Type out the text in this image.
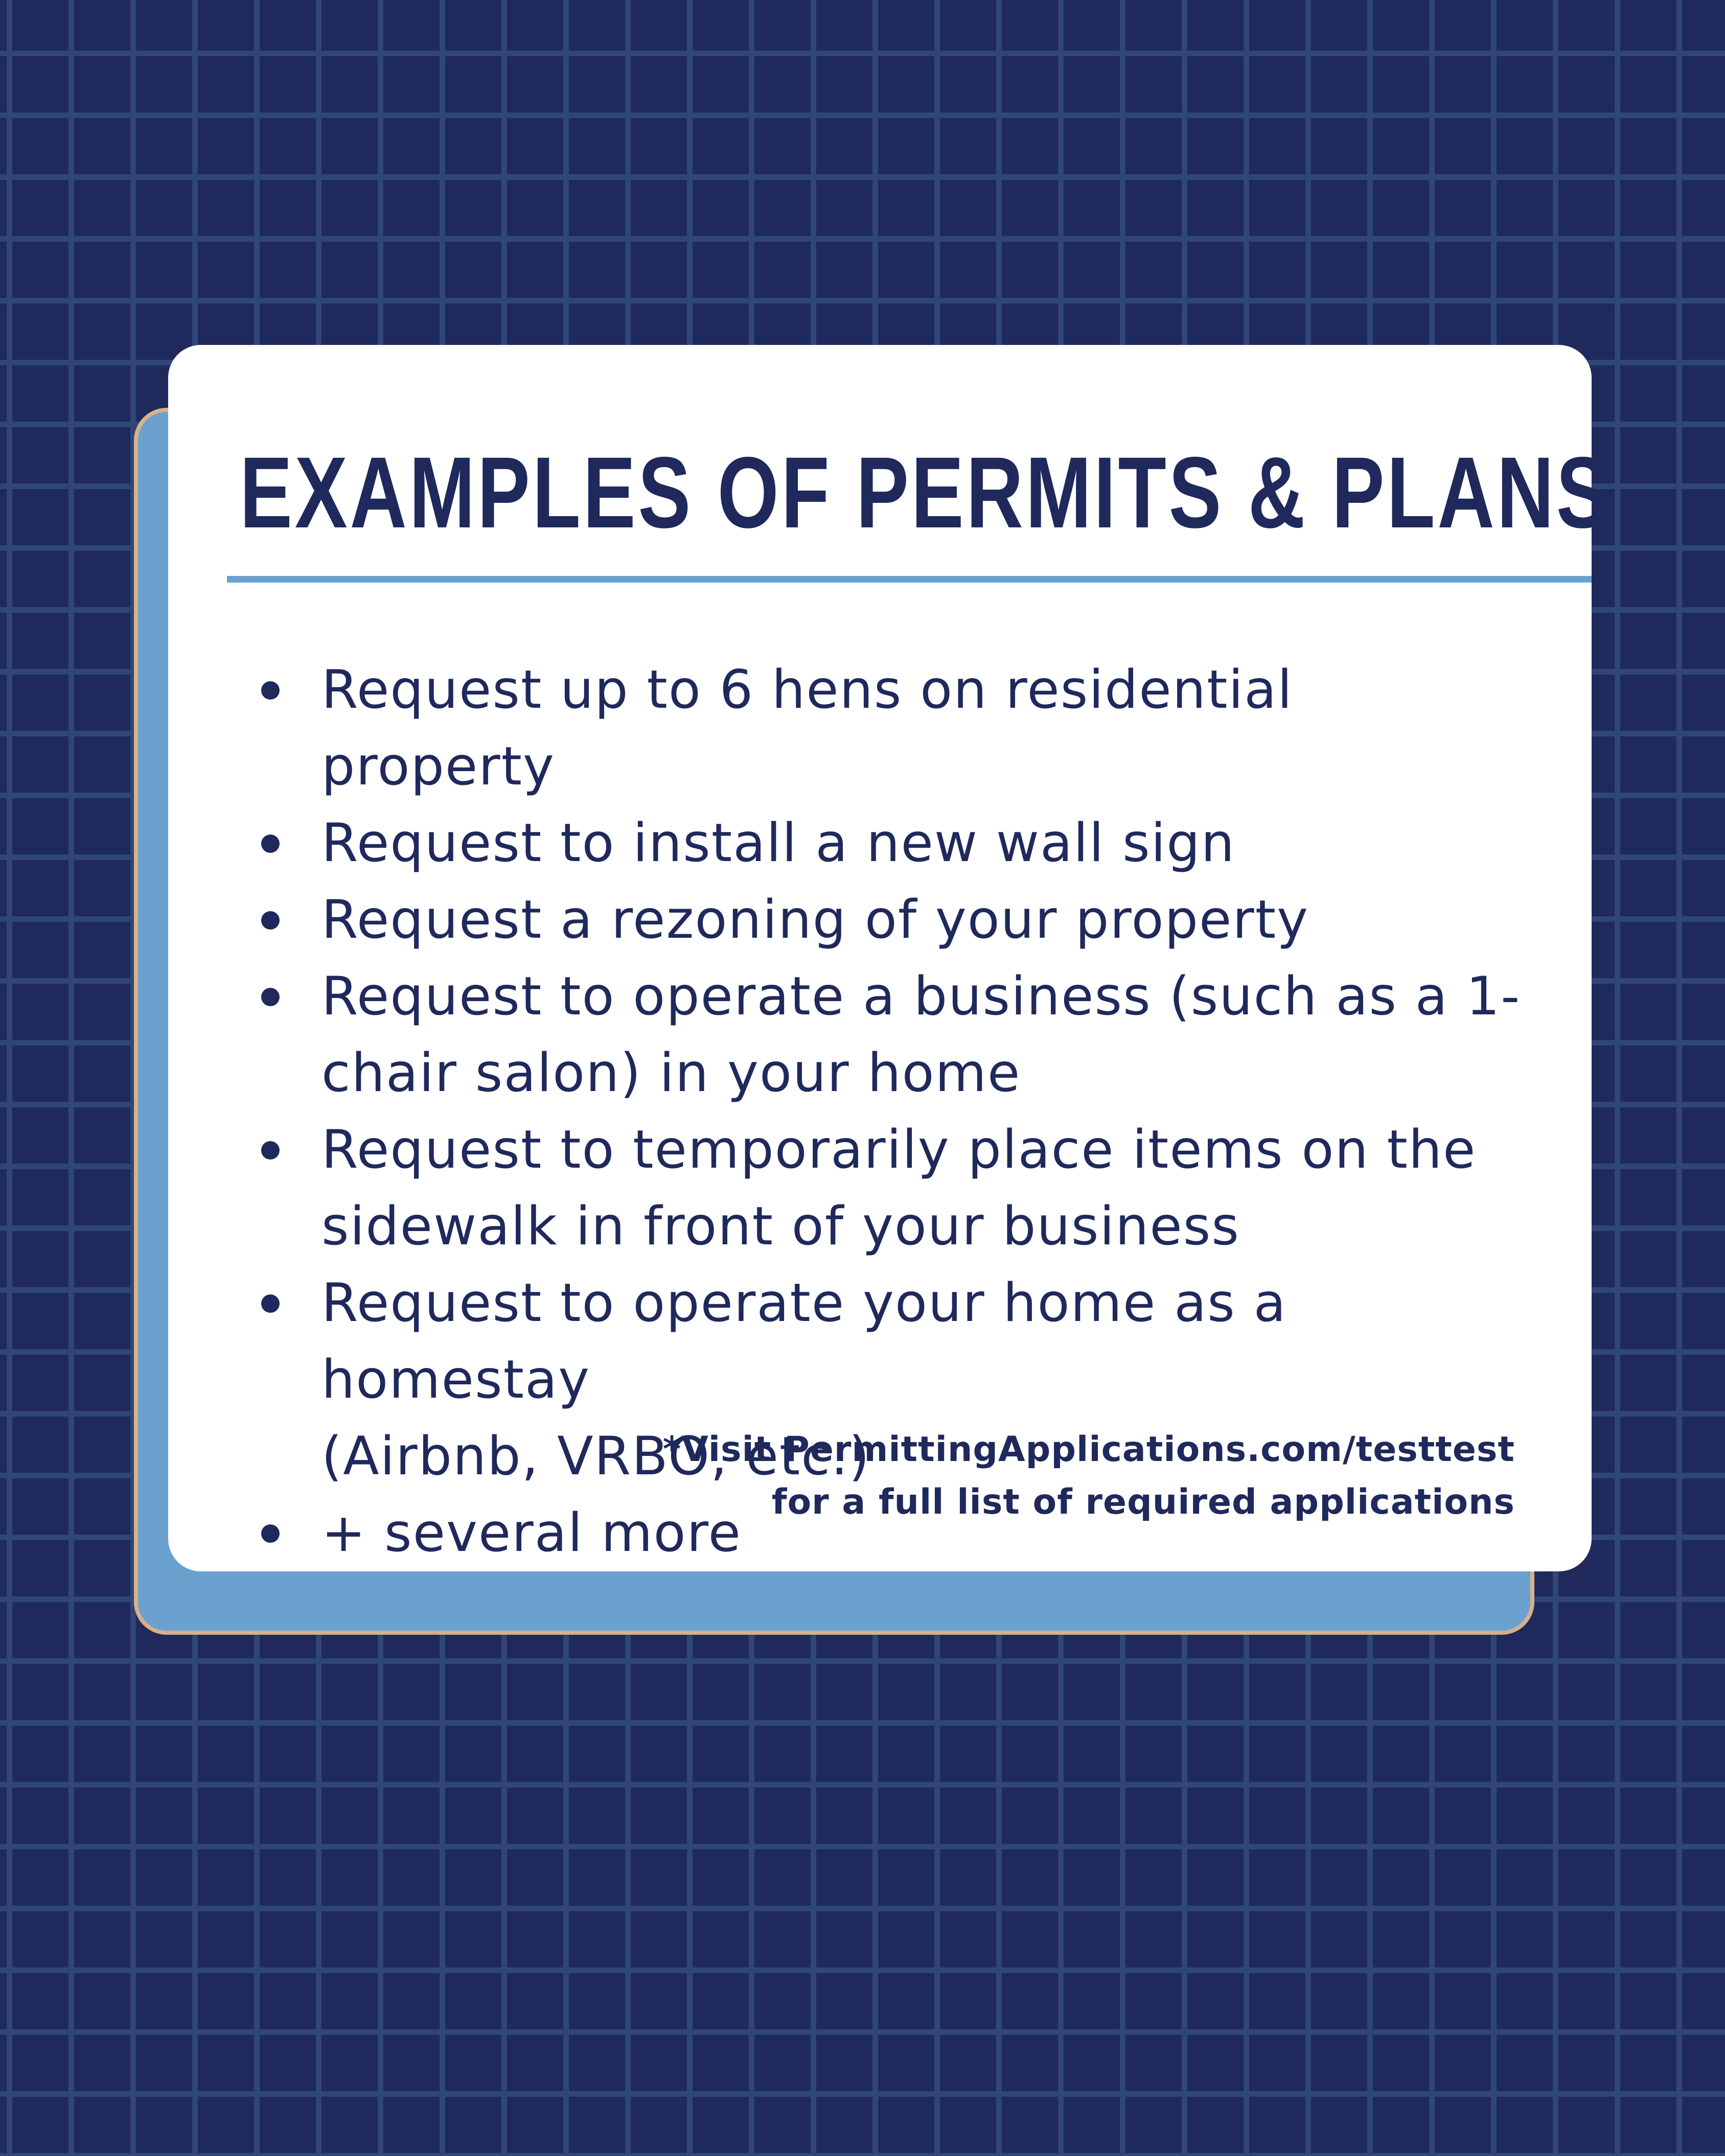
EXAMPLES OF PERMITS & PLANS
Request up to 6 hens on residential property
Request to install a new wall sign
Request a rezoning of your property
Request to operate a business (such as a 1-
chair salon) in your home
Request to temporarily place items on the
sidewalk in front of your business
Request to operate your home as a homestay
(Airbnb, VRBO, etc.)
+ several more
*Visit PermittingApplications.com/testtest
for a full list of required applications
